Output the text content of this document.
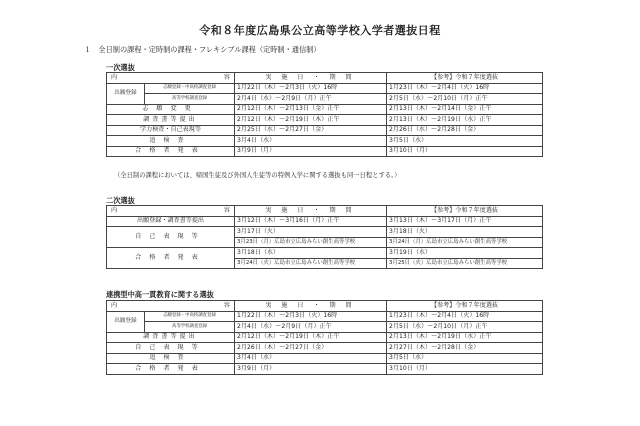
令和８年度広島県公立高等学校入学者選抜日程
１　全日制の課程・定時制の課程・フレキシブル課程（定時制・通信制）
一次選抜
内 容		実 施 日 ・ 期 間	【参考】令和７年度選抜
出願登録	志願登録・中高校調査登録	1月22日（木）～2月3日（火）16時	1月23日（木）～2月4日（火）16時
	高等学校調査登録	2月4日（水）～2月9日（月）正午	2月5日（水）～2月10日（月）正午
志願変更		2月12日（木）～2月13日（金）正午	2月13日（木）～2月14日（金）正午
調査書等提出		2月12日（木）～2月19日（木）正午	2月13日（木）～2月19日（水）正午
学力検査・自己表現等		2月25日（水）～2月27日（金）	2月26日（水）～2月28日（金）
追検査		3月4日（水）	3月5日（水）
合格者発表		3月9日（月）	3月10日（月）
（全日制の課程においては、帰国生徒及び外国人生徒等の特例入学に関する選抜も同一日程とする。）
二次選抜
内 容	実 施 日 ・ 期 間	【参考】令和７年度選抜
出願登録・調査書等提出	3月12日（木）～3月16日（月）正午	3月13日（木）～3月17日（月）正午
自己表現等	3月17日（火）	3月18日（火）
	3月23日（月）広島市立広島みらい創生高等学校	3月24日（月）広島市立広島みらい創生高等学校
合格者発表	3月18日（水）	3月19日（水）
	3月24日（火）広島市立広島みらい創生高等学校	3月25日（火）広島市立広島みらい創生高等学校
連携型中高一貫教育に関する選抜
内 容		実 施 日 ・ 期 間	【参考】令和７年度選抜
出願登録	志願登録・中高校調査登録	1月22日（木）～2月3日（火）16時	1月23日（木）～2月4日（火）16時
	高等学校調査登録	2月4日（水）～2月9日（月）正午	2月5日（水）～2月10日（月）正午
調査書等提出		2月12日（木）～2月19日（木）正午	2月13日（木）～2月19日（水）正午
自己表現等		2月26日（木）～2月27日（金）	2月27日（木）～2月28日（金）
追検査		3月4日（水）	3月5日（水）
合格者発表		3月9日（月）	3月10日（月）
